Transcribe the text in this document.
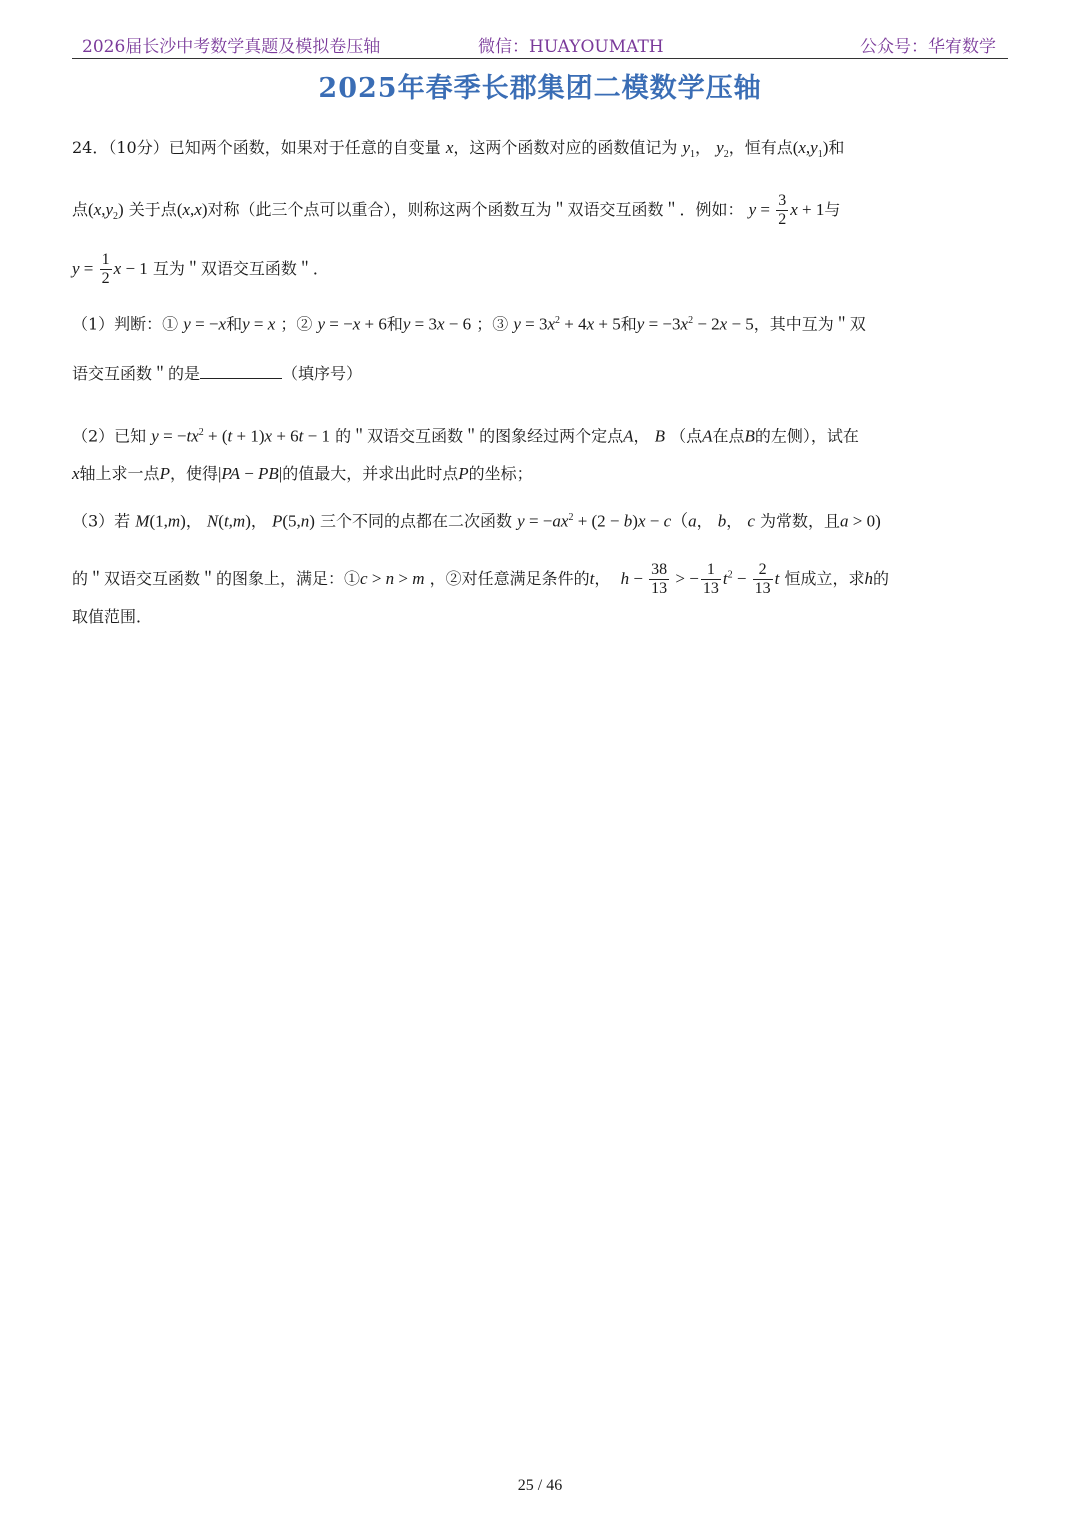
2026届长沙中考数学真题及模拟卷压轴	微信：HUAYOUMATH	公众号：华宥数学
2025年春季长郡集团二模数学压轴
24．（10分）已知两个函数，如果对于任意的自变量 x，这两个函数对应的函数值记为 $y_1$， $y_2$，恒有点$(x,y_1)$和
点$(x,y_2)$ 关于点(x,x)对称（此三个点可以重合），则称这两个函数互为＂双语交互函数＂．例如： $y = \frac{3}{2}$ x + 1与
$y = \frac{1}{2}$ x − 1 互为＂双语交互函数＂．
（1）判断：① y = −x和y = x ；② y = −x + 6和y = 3x − 6 ；③ $y = 3x^2 + 4x + 5$和$y = -3x^2 - 2x - 5$，其中互为＂双
语交互函数＂的是	（填序号）
（2）已知 $y = -tx^2 + (t + 1)x + 6t - 1$ 的＂双语交互函数＂的图象经过两个定点A， B （点A在点B的左侧），试在
x轴上求一点P，使得|PA − PB|的值最大，并求出此时点P的坐标；
（3）若 M(1,m)， N(t,m)， P(5,n) 三个不同的点都在二次函数 $y = -ax^2 + (2 - b)x - c(a$， b， c 为常数，且a > 0)
的＂双语交互函数＂的图象上，满足：①c > n > m ，②对任意满足条件的t，  $h - \frac{38}{13}$ > − $\frac{1}{13} t^2 - \frac{2}{13}$ t 恒成立，求h的
取值范围．
25 / 46
